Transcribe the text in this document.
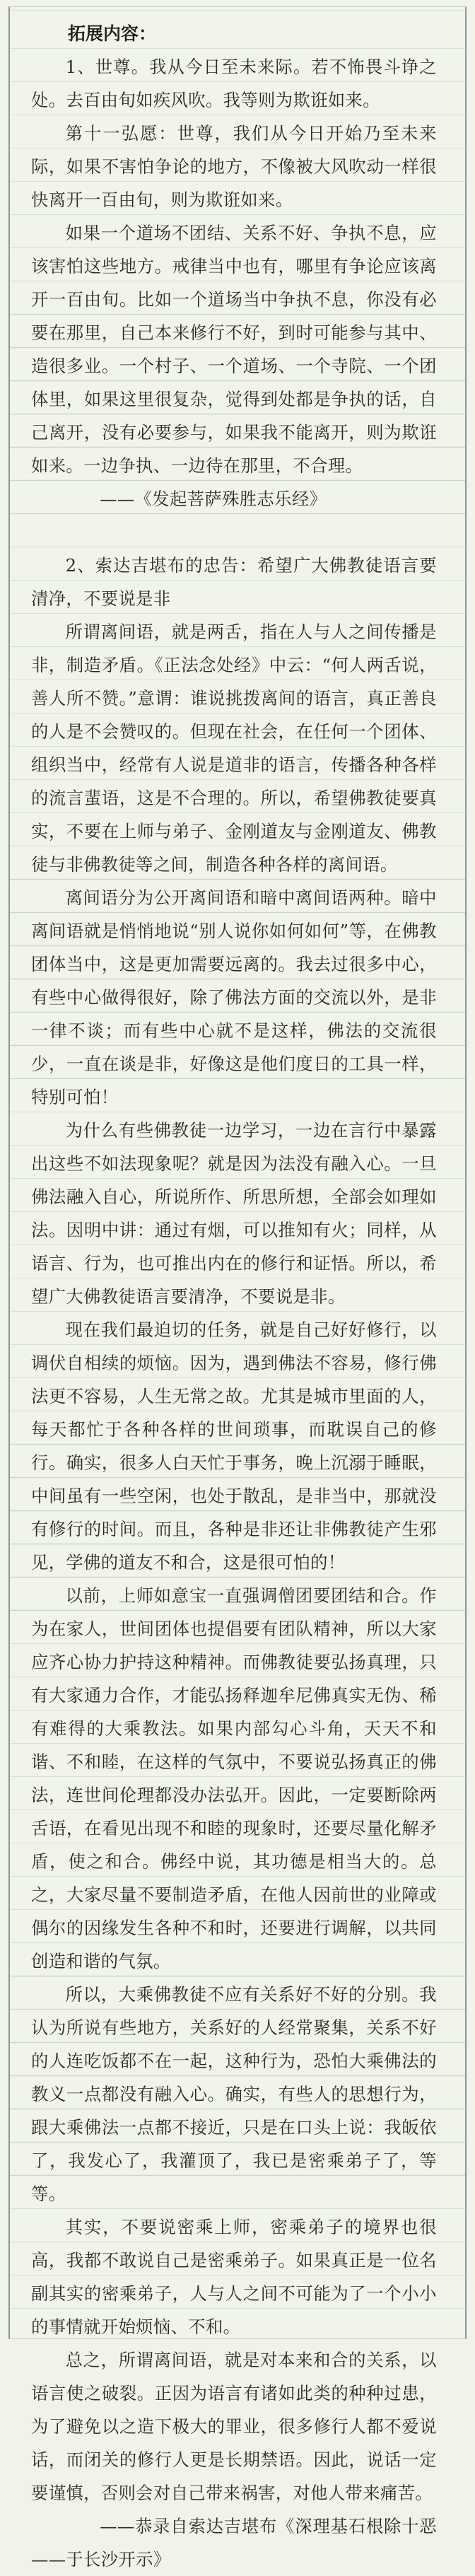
拓展内容：

1、世尊。我从今日至未来际。若不怖畏斗诤之处。去百由旬如疾风吹。我等则为欺诳如来。

第十一弘愿：世尊，我们从今日开始乃至未来际，如果不害怕争论的地方，不像被大风吹动一样很快离开一百由旬，则为欺诳如来。

如果一个道场不团结、关系不好、争执不息，应该害怕这些地方。戒律当中也有，哪里有争论应该离开一百由旬。比如一个道场当中争执不息，你没有必要在那里，自己本来修行不好，到时可能参与其中、造很多业。一个村子、一个道场、一个寺院、一个团体里，如果这里很复杂，觉得到处都是争执的话，自己离开，没有必要参与，如果我不能离开，则为欺诳如来。一边争执、一边待在那里，不合理。

——《发起菩萨殊胜志乐经》

2、索达吉堪布的忠告：希望广大佛教徒语言要清净，不要说是非

所谓离间语，就是两舌，指在人与人之间传播是非，制造矛盾。《正法念处经》中云：“何人两舌说，善人所不赞。”意谓：谁说挑拨离间的语言，真正善良的人是不会赞叹的。但现在社会，在任何一个团体、组织当中，经常有人说是道非的语言，传播各种各样的流言蜚语，这是不合理的。所以，希望佛教徒要真实，不要在上师与弟子、金刚道友与金刚道友、佛教徒与非佛教徒等之间，制造各种各样的离间语。

离间语分为公开离间语和暗中离间语两种。暗中离间语就是悄悄地说“别人说你如何如何”等，在佛教团体当中，这是更加需要远离的。我去过很多中心，有些中心做得很好，除了佛法方面的交流以外，是非一律不谈；而有些中心就不是这样，佛法的交流很少，一直在谈是非，好像这是他们度日的工具一样，特别可怕！

为什么有些佛教徒一边学习，一边在言行中暴露出这些不如法现象呢？就是因为法没有融入心。一旦佛法融入自心，所说所作、所思所想，全部会如理如法。因明中讲：通过有烟，可以推知有火；同样，从语言、行为，也可推出内在的修行和证悟。所以，希望广大佛教徒语言要清净，不要说是非。

现在我们最迫切的任务，就是自己好好修行，以调伏自相续的烦恼。因为，遇到佛法不容易，修行佛法更不容易，人生无常之故。尤其是城市里面的人，每天都忙于各种各样的世间琐事，而耽误自己的修行。确实，很多人白天忙于事务，晚上沉溺于睡眠，中间虽有一些空闲，也处于散乱，是非当中，那就没有修行的时间。而且，各种是非还让非佛教徒产生邪见，学佛的道友不和合，这是很可怕的！

以前，上师如意宝一直强调僧团要团结和合。作为在家人，世间团体也提倡要有团队精神，所以大家应齐心协力护持这种精神。而佛教徒要弘扬真理，只有大家通力合作，才能弘扬释迦牟尼佛真实无伪、稀有难得的大乘教法。如果内部勾心斗角，天天不和谐、不和睦，在这样的气氛中，不要说弘扬真正的佛法，连世间伦理都没办法弘开。因此，一定要断除两舌语，在看见出现不和睦的现象时，还要尽量化解矛盾，使之和合。佛经中说，其功德是相当大的。总之，大家尽量不要制造矛盾，在他人因前世的业障或偶尔的因缘发生各种不和时，还要进行调解，以共同创造和谐的气氛。

所以，大乘佛教徒不应有关系好不好的分别。我认为所说有些地方，关系好的人经常聚集，关系不好的人连吃饭都不在一起，这种行为，恐怕大乘佛法的教义一点都没有融入心。确实，有些人的思想行为，跟大乘佛法一点都不接近，只是在口头上说：我皈依了，我发心了，我灌顶了，我已是密乘弟子了，等等。

其实，不要说密乘上师，密乘弟子的境界也很高，我都不敢说自己是密乘弟子。如果真正是一位名副其实的密乘弟子，人与人之间不可能为了一个小小的事情就开始烦恼、不和。

总之，所谓离间语，就是对本来和合的关系，以语言使之破裂。正因为语言有诸如此类的种种过患，为了避免以之造下极大的罪业，很多修行人都不爱说话，而闭关的修行人更是长期禁语。因此，说话一定要谨慎，否则会对自己带来祸害，对他人带来痛苦。

——恭录自索达吉堪布《深理基石根除十恶——于长沙开示》
